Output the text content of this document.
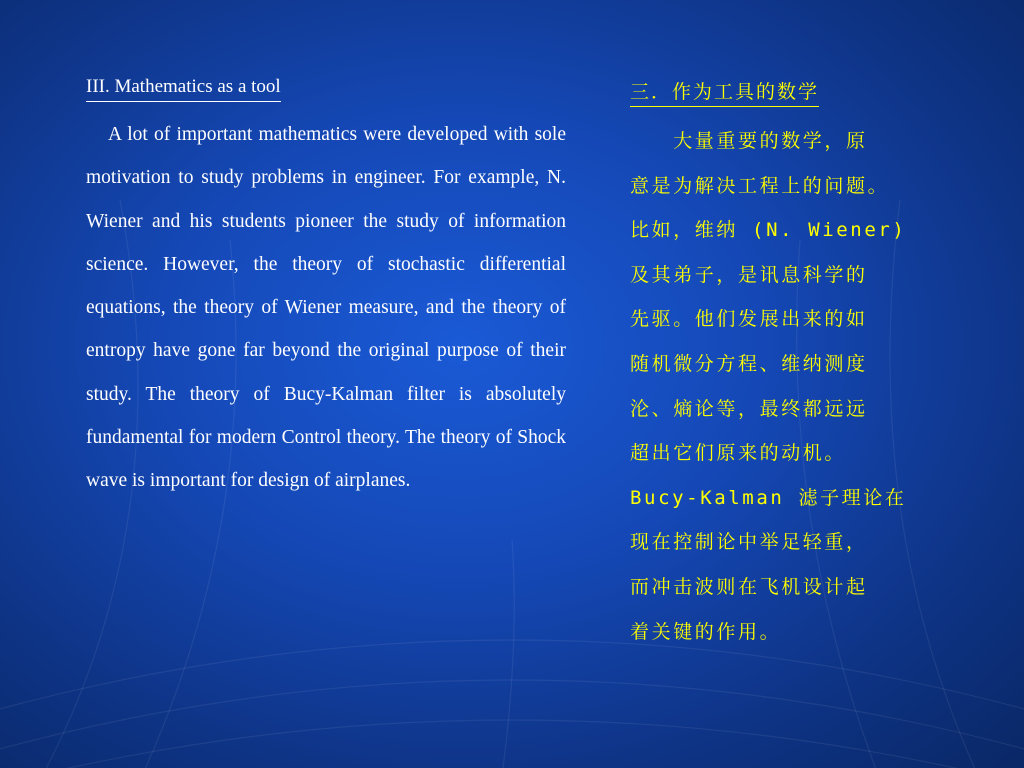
III. Mathematics as a tool

A lot of important mathematics were developed with sole motivation to study problems in engineer. For example, N. Wiener and his students pioneer the study of information science. However, the theory of stochastic differential equations, the theory of Wiener measure, and the theory of entropy have gone far beyond the original purpose of their study. The theory of Bucy-Kalman filter is absolutely fundamental for modern Control theory. The theory of Shock wave is important for design of airplanes.

三．作为工具的数学
　　大量重要的数学，原
意是为解决工程上的问题。
比如，维纳 (N. Wiener)
及其弟子，是讯息科学的
先驱。他们发展出来的如
随机微分方程、维纳测度
沦、熵论等，最终都远远
超出它们原来的动机。
Bucy-Kalman 滤子理论在
现在控制论中举足轻重，
而冲击波则在飞机设计起
着关键的作用。
